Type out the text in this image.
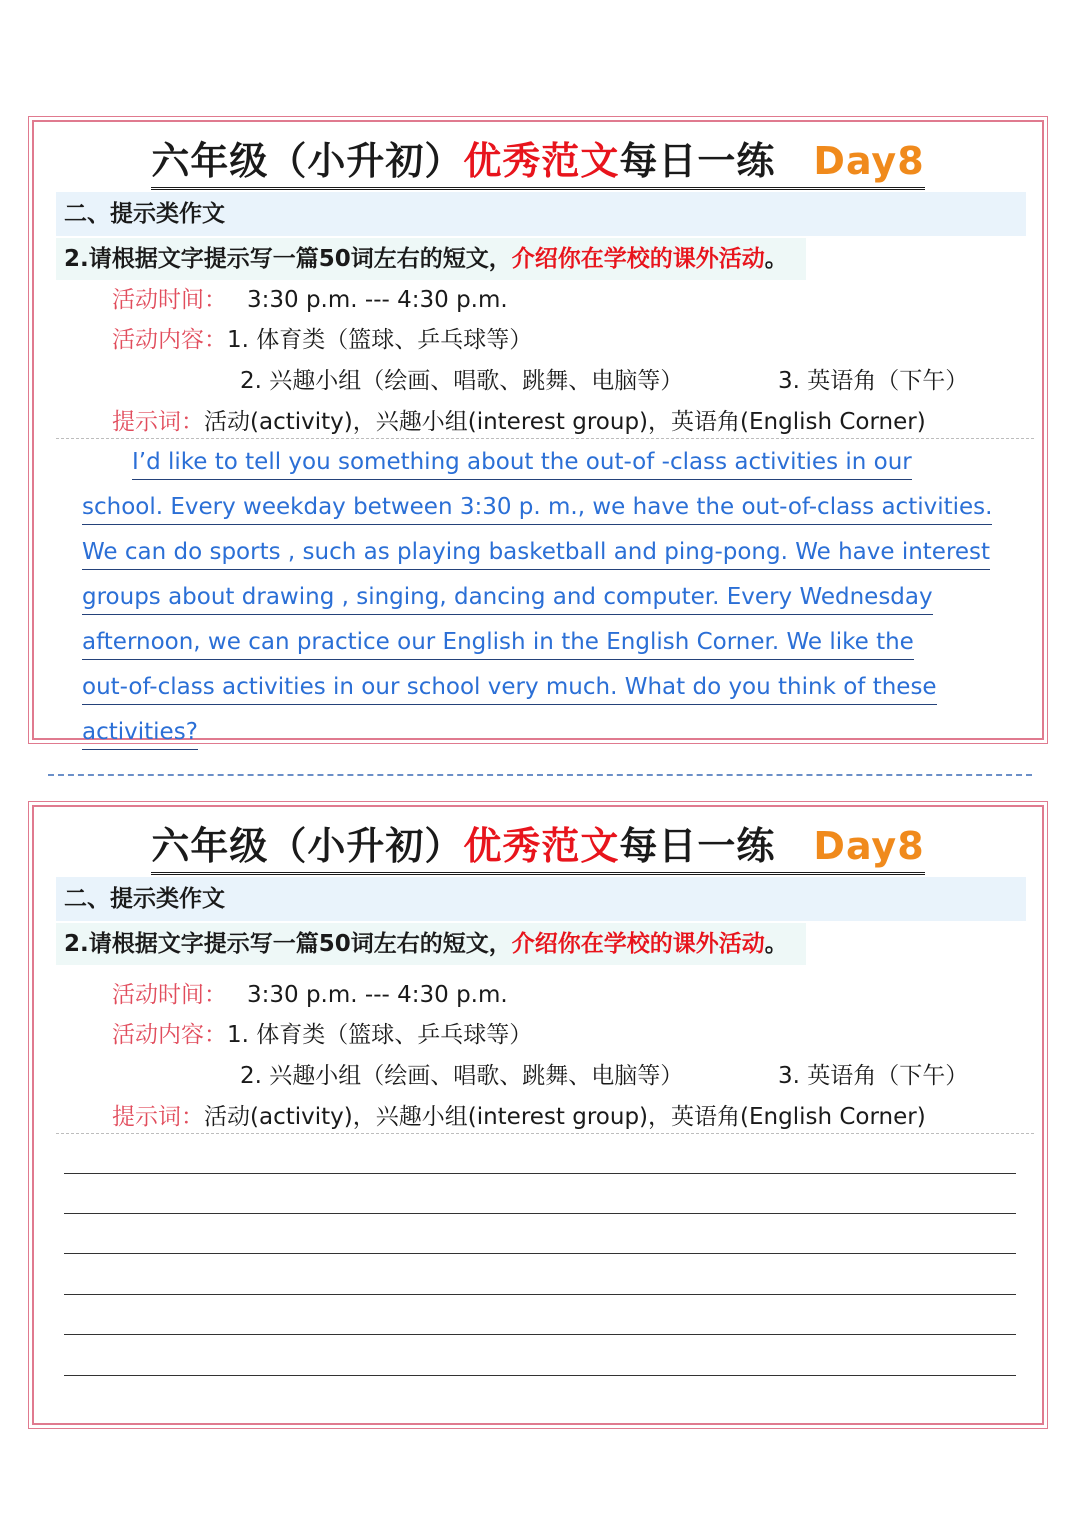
六年级（小升初）优秀范文每日一练 Day8
二、提示类作文
2.请根据文字提示写一篇50词左右的短文，介绍你在学校的课外活动。
活动时间： 3:30 p.m. --- 4:30 p.m.
活动内容：1. 体育类（篮球、乒乓球等）
2. 兴趣小组（绘画、唱歌、跳舞、电脑等）	3. 英语角（下午）
提示词：活动(activity)，兴趣小组(interest group)，英语角(English Corner)
I’d like to tell you something about the out-of -class activities in our
school. Every weekday between 3:30 p. m., we have the out-of-class activities.
We can do sports , such as playing basketball and ping-pong. We have interest
groups about drawing , singing, dancing and computer. Every Wednesday
afternoon, we can practice our English in the English Corner. We like the
out-of-class activities in our school very much. What do you think of these
activities?
六年级（小升初）优秀范文每日一练 Day8
二、提示类作文
2.请根据文字提示写一篇50词左右的短文，介绍你在学校的课外活动。
活动时间： 3:30 p.m. --- 4:30 p.m.
活动内容：1. 体育类（篮球、乒乓球等）
2. 兴趣小组（绘画、唱歌、跳舞、电脑等）	3. 英语角（下午）
提示词：活动(activity)，兴趣小组(interest group)，英语角(English Corner)
